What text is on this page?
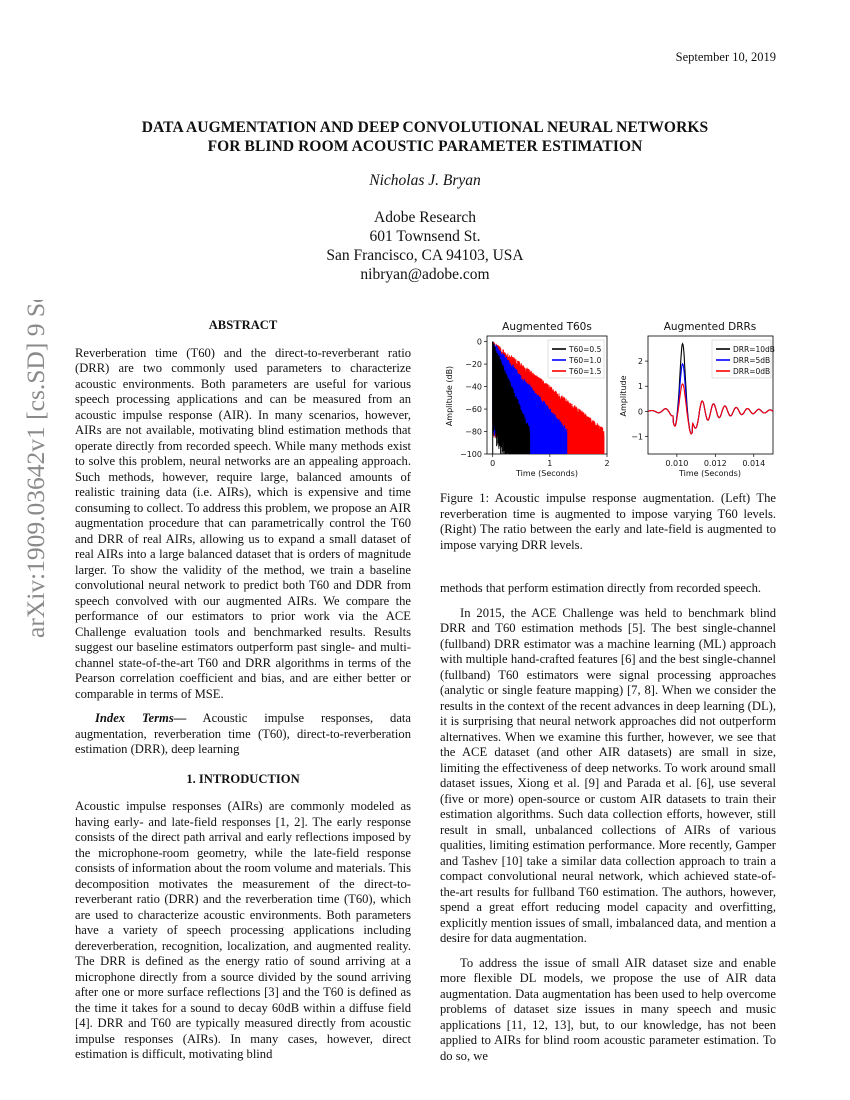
September 10, 2019
arXiv:1909.03642v1 [cs.SD] 9 Sep 2019
DATA AUGMENTATION AND DEEP CONVOLUTIONAL NEURAL NETWORKS
FOR BLIND ROOM ACOUSTIC PARAMETER ESTIMATION
Nicholas J. Bryan
Adobe Research
601 Townsend St.
San Francisco, CA 94103, USA
nibryan@adobe.com
ABSTRACT

Reverberation time (T60) and the direct-to-reverberant ratio (DRR) are two commonly used parameters to characterize acoustic environments. Both parameters are useful for various speech processing applications and can be measured from an acoustic impulse response (AIR). In many scenarios, however, AIRs are not available, motivating blind estimation methods that operate directly from recorded speech. While many methods exist to solve this problem, neural networks are an appealing approach. Such methods, however, require large, balanced amounts of realistic training data (i.e. AIRs), which is expensive and time consuming to collect. To address this problem, we propose an AIR augmentation procedure that can parametrically control the T60 and DRR of real AIRs, allowing us to expand a small dataset of real AIRs into a large balanced dataset that is orders of magnitude larger. To show the validity of the method, we train a baseline convolutional neural network to predict both T60 and DDR from speech convolved with our augmented AIRs. We compare the performance of our estimators to prior work via the ACE Challenge evaluation tools and benchmarked results. Results suggest our baseline estimators outperform past single- and multi-channel state-of-the-art T60 and DRR algorithms in terms of the Pearson correlation coefficient and bias, and are either better or comparable in terms of MSE.

Index Terms— Acoustic impulse responses, data augmentation, reverberation time (T60), direct-to-reverberation estimation (DRR), deep learning

1. INTRODUCTION

Acoustic impulse responses (AIRs) are commonly modeled as having early- and late-field responses [1, 2]. The early response consists of the direct path arrival and early reflections imposed by the microphone-room geometry, while the late-field response consists of information about the room volume and materials. This decomposition motivates the measurement of the direct-to-reverberant ratio (DRR) and the reverberation time (T60), which are used to characterize acoustic environments. Both parameters have a variety of speech processing applications including dereverberation, recognition, localization, and augmented reality. The DRR is defined as the energy ratio of sound arriving at a microphone directly from a source divided by the sound arriving after one or more surface reflections [3] and the T60 is defined as the time it takes for a sound to decay 60dB within a diffuse field [4]. DRR and T60 are typically measured directly from acoustic impulse responses (AIRs). In many cases, however, direct estimation is difficult, motivating blind

Augmented T60s
0	1	2
0
−20
−40
−60
−80
−100
Time (Seconds)
Amplitude (dB)
T60=0.5
T60=1.0
T60=1.5
Augmented DRRs
0.010 0.012 0.014
2
1
0
−1
Time (Seconds)
Amplitude
DRR=10dB
DRR=5dB
DRR=0dB
Figure 1: Acoustic impulse response augmentation. (Left) The reverberation time is augmented to impose varying T60 levels. (Right) The ratio between the early and late-field is augmented to impose varying DRR levels.

methods that perform estimation directly from recorded speech.

In 2015, the ACE Challenge was held to benchmark blind DRR and T60 estimation methods [5]. The best single-channel (fullband) DRR estimator was a machine learning (ML) approach with multiple hand-crafted features [6] and the best single-channel (fullband) T60 estimators were signal processing approaches (analytic or single feature mapping) [7, 8]. When we consider the results in the context of the recent advances in deep learning (DL), it is surprising that neural network approaches did not outperform alternatives. When we examine this further, however, we see that the ACE dataset (and other AIR datasets) are small in size, limiting the effectiveness of deep networks. To work around small dataset issues, Xiong et al. [9] and Parada et al. [6], use several (five or more) open-source or custom AIR datasets to train their estimation algorithms. Such data collection efforts, however, still result in small, unbalanced collections of AIRs of various qualities, limiting estimation performance. More recently, Gamper and Tashev [10] take a similar data collection approach to train a compact convolutional neural network, which achieved state-of-the-art results for fullband T60 estimation. The authors, however, spend a great effort reducing model capacity and overfitting, explicitly mention issues of small, imbalanced data, and mention a desire for data augmentation.

To address the issue of small AIR dataset size and enable more flexible DL models, we propose the use of AIR data augmentation. Data augmentation has been used to help overcome problems of dataset size issues in many speech and music applications [11, 12, 13], but, to our knowledge, has not been applied to AIRs for blind room acoustic parameter estimation. To do so, we
